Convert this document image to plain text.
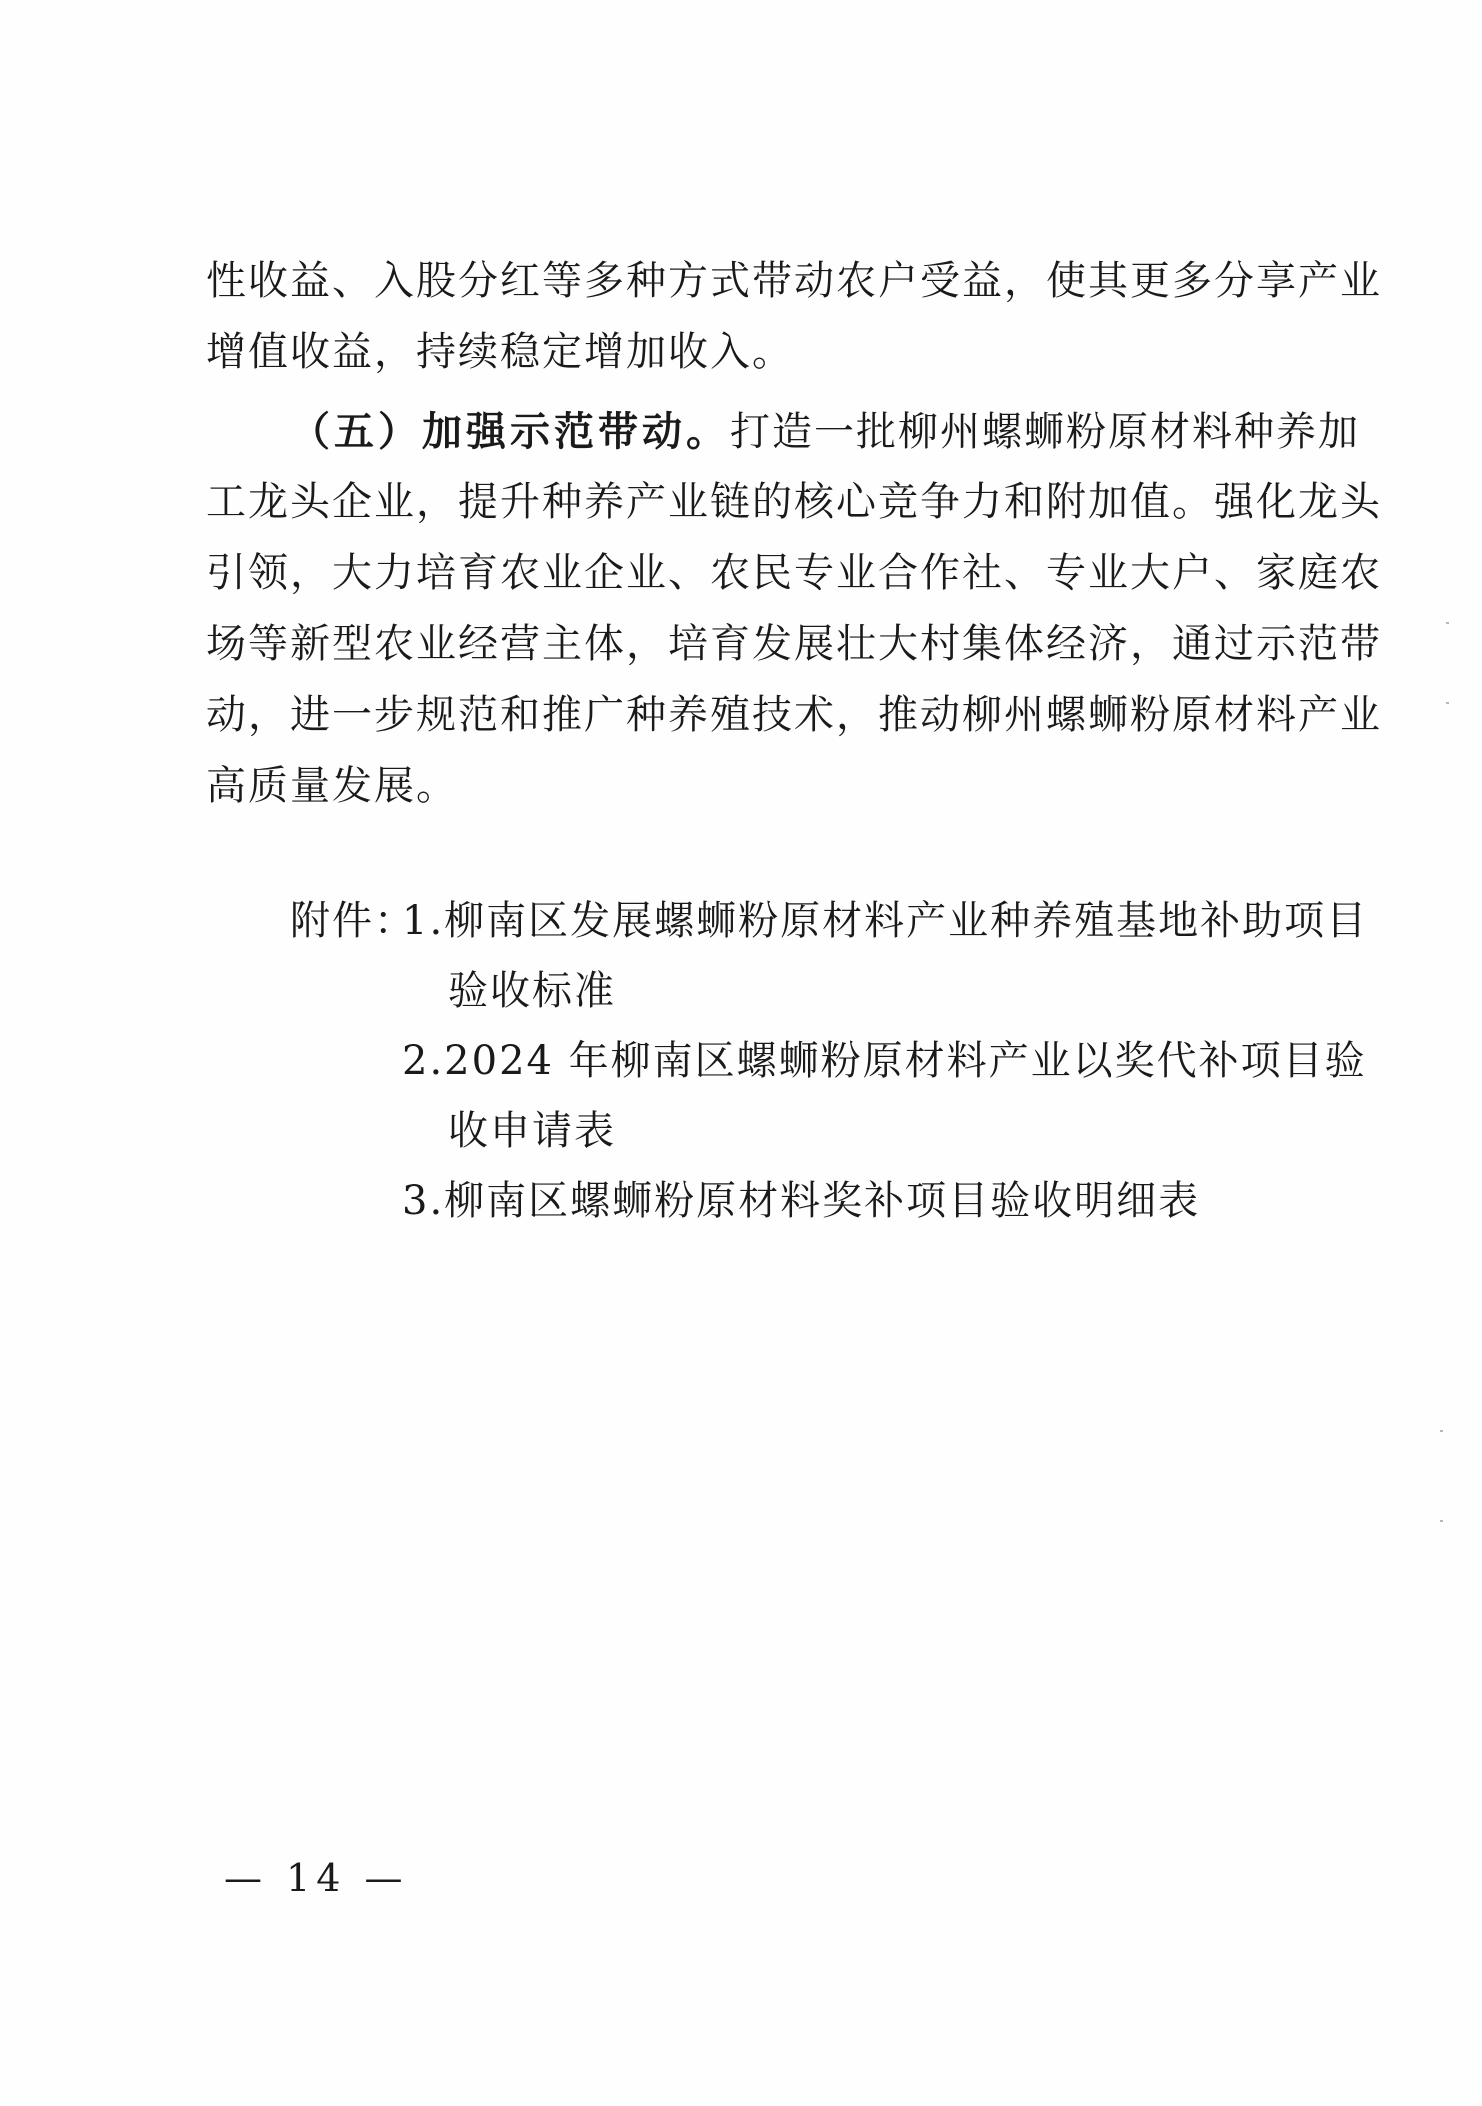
性收益、入股分红等多种方式带动农户受益，使其更多分享产业

增值收益，持续稳定增加收入。

（五）加强示范带动。打造一批柳州螺蛳粉原材料种养加

工龙头企业，提升种养产业链的核心竞争力和附加值。强化龙头

引领，大力培育农业企业、农民专业合作社、专业大户、家庭农

场等新型农业经营主体，培育发展壮大村集体经济，通过示范带

动，进一步规范和推广种养殖技术，推动柳州螺蛳粉原材料产业

高质量发展。

附件：
1.柳南区发展螺蛳粉原材料产业种养殖基地补助项目
验收标准
2.2024 年柳南区螺蛳粉原材料产业以奖代补项目验
收申请表
3.柳南区螺蛳粉原材料奖补项目验收明细表
— 14 —
